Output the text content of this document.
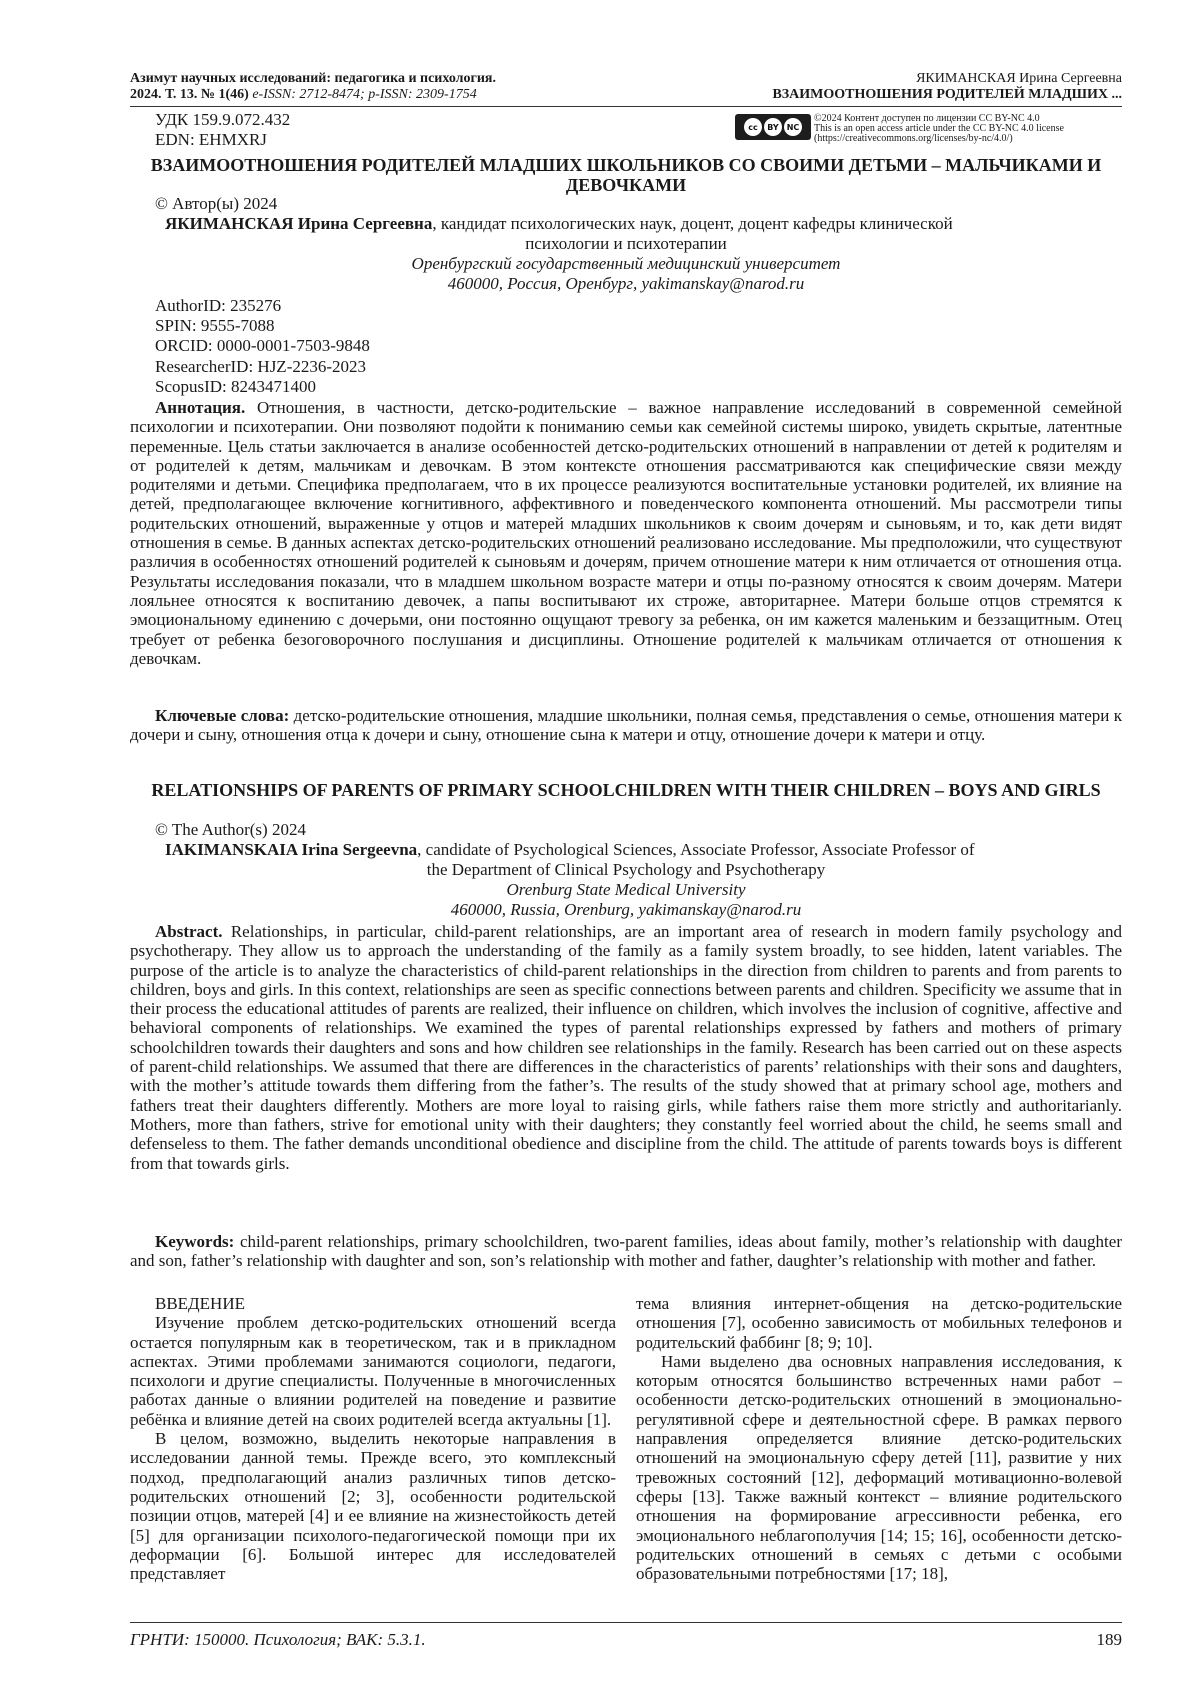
Азимут научных исследований: педагогика и психология.
2024. Т. 13. № 1(46) e-ISSN: 2712-8474; p-ISSN: 2309-1754
ЯКИМАНСКАЯ Ирина Сергеевна
ВЗАИМООТНОШЕНИЯ РОДИТЕЛЕЙ МЛАДШИХ ...
УДК 159.9.072.432
EDN: EHMXRJ
cc	BY NC
©2024 Контент доступен по лицензии CC BY-NC 4.0
This is an open access article under the CC BY-NC 4.0 license
(https://creativecommons.org/licenses/by-nc/4.0/)
ВЗАИМООТНОШЕНИЯ РОДИТЕЛЕЙ МЛАДШИХ ШКОЛЬНИКОВ СО СВОИМИ ДЕТЬМИ – МАЛЬЧИКАМИ И ДЕВОЧКАМИ
© Автор(ы) 2024
ЯКИМАНСКАЯ Ирина Сергеевна, кандидат психологических наук, доцент, доцент кафедры клинической
психологии и психотерапии
Оренбургский государственный медицинский университет
460000, Россия, Оренбург, yakimanskay@narod.ru
AuthorID: 235276
SPIN: 9555-7088
ORCID: 0000-0001-7503-9848
ResearcherID: HJZ-2236-2023
ScopusID: 8243471400
Аннотация. Отношения, в частности, детско-родительские – важное направление исследований в современной семейной психологии и психотерапии. Они позволяют подойти к пониманию семьи как семейной системы широко, увидеть скрытые, латентные переменные. Цель статьи заключается в анализе особенностей детско-родительских отношений в направлении от детей к родителям и от родителей к детям, мальчикам и девочкам. В этом контексте отношения рассматриваются как специфические связи между родителями и детьми. Специфика предполагаем, что в их процессе реализуются воспитательные установки родителей, их влияние на детей, предполагающее включение когнитивного, аффективного и поведенческого компонента отношений. Мы рассмотрели типы родительских отношений, выраженные у отцов и матерей младших школьников к своим дочерям и сыновьям, и то, как дети видят отношения в семье. В данных аспектах детско-родительских отношений реализовано исследование. Мы предположили, что существуют различия в особенностях отношений родителей к сыновьям и дочерям, причем отношение матери к ним отличается от отношения отца. Результаты исследования показали, что в младшем школьном возрасте матери и отцы по-разному относятся к своим дочерям. Матери лояльнее относятся к воспитанию девочек, а папы воспитывают их строже, авторитарнее. Матери больше отцов стремятся к эмоциональному единению с дочерьми, они постоянно ощущают тревогу за ребенка, он им кажется маленьким и беззащитным. Отец требует от ребенка безоговорочного послушания и дисциплины. Отношение родителей к мальчикам отличается от отношения к девочкам.
Ключевые слова: детско-родительские отношения, младшие школьники, полная семья, представления о семье, отношения матери к дочери и сыну, отношения отца к дочери и сыну, отношение сына к матери и отцу, отношение дочери к матери и отцу.
RELATIONSHIPS OF PARENTS OF PRIMARY SCHOOLCHILDREN WITH THEIR CHILDREN – BOYS AND GIRLS
© The Author(s) 2024
IAKIMANSKAIA Irina Sergeevna, candidate of Psychological Sciences, Associate Professor, Associate Professor of
the Department of Clinical Psychology and Psychotherapy
Orenburg State Medical University
460000, Russia, Orenburg, yakimanskay@narod.ru
Abstract. Relationships, in particular, child-parent relationships, are an important area of research in modern family psychology and psychotherapy. They allow us to approach the understanding of the family as a family system broadly, to see hidden, latent variables. The purpose of the article is to analyze the characteristics of child-parent relationships in the direction from children to parents and from parents to children, boys and girls. In this context, relationships are seen as specific connections between parents and children. Specificity we assume that in their process the educational attitudes of parents are realized, their influence on children, which involves the inclusion of cognitive, affective and behavioral components of relationships. We examined the types of parental relationships expressed by fathers and mothers of primary schoolchildren towards their daughters and sons and how children see relationships in the family. Research has been carried out on these aspects of parent-child relationships. We assumed that there are differences in the characteristics of parents’ relationships with their sons and daughters, with the mother’s attitude towards them differing from the father’s. The results of the study showed that at primary school age, mothers and fathers treat their daughters differently. Mothers are more loyal to raising girls, while fathers raise them more strictly and authoritarianly. Mothers, more than fathers, strive for emotional unity with their daughters; they constantly feel worried about the child, he seems small and defenseless to them. The father demands unconditional obedience and discipline from the child. The attitude of parents towards boys is different from that towards girls.
Keywords: child-parent relationships, primary schoolchildren, two-parent families, ideas about family, mother’s relationship with daughter and son, father’s relationship with daughter and son, son’s relationship with mother and father, daughter’s relationship with mother and father.

ВВЕДЕНИЕ

Изучение проблем детско-родительских отношений всегда остается популярным как в теоретическом, так и в прикладном аспектах. Этими проблемами занимаются социологи, педагоги, психологи и другие специалисты. Полученные в многочисленных работах данные о влиянии родителей на поведение и развитие ребёнка и влияние детей на своих родителей всегда актуальны [1].

В целом, возможно, выделить некоторые направления в исследовании данной темы. Прежде всего, это комплексный подход, предполагающий анализ различных типов детско-родительских отношений [2; 3], особенности родительской позиции отцов, матерей [4] и ее влияние на жизнестойкость детей [5] для организации психолого-педагогической помощи при их деформации [6]. Большой интерес для исследователей представляет

тема влияния интернет-общения на детско-родительские отношения [7], особенно зависимость от мобильных телефонов и родительский фаббинг [8; 9; 10].

Нами выделено два основных направления исследования, к которым относятся большинство встреченных нами работ – особенности детско-родительских отношений в эмоционально-регулятивной сфере и деятельностной сфере. В рамках первого направления определяется влияние детско-родительских отношений на эмоциональную сферу детей [11], развитие у них тревожных состояний [12], деформаций мотивационно-волевой сферы [13]. Также важный контекст – влияние родительского отношения на формирование агрессивности ребенка, его эмоционального неблагополучия [14; 15; 16], особенности детско-родительских отношений в семьях с детьми с особыми образовательными потребностями [17; 18],

ГРНТИ: 150000. Психология; ВАК: 5.3.1.	189
